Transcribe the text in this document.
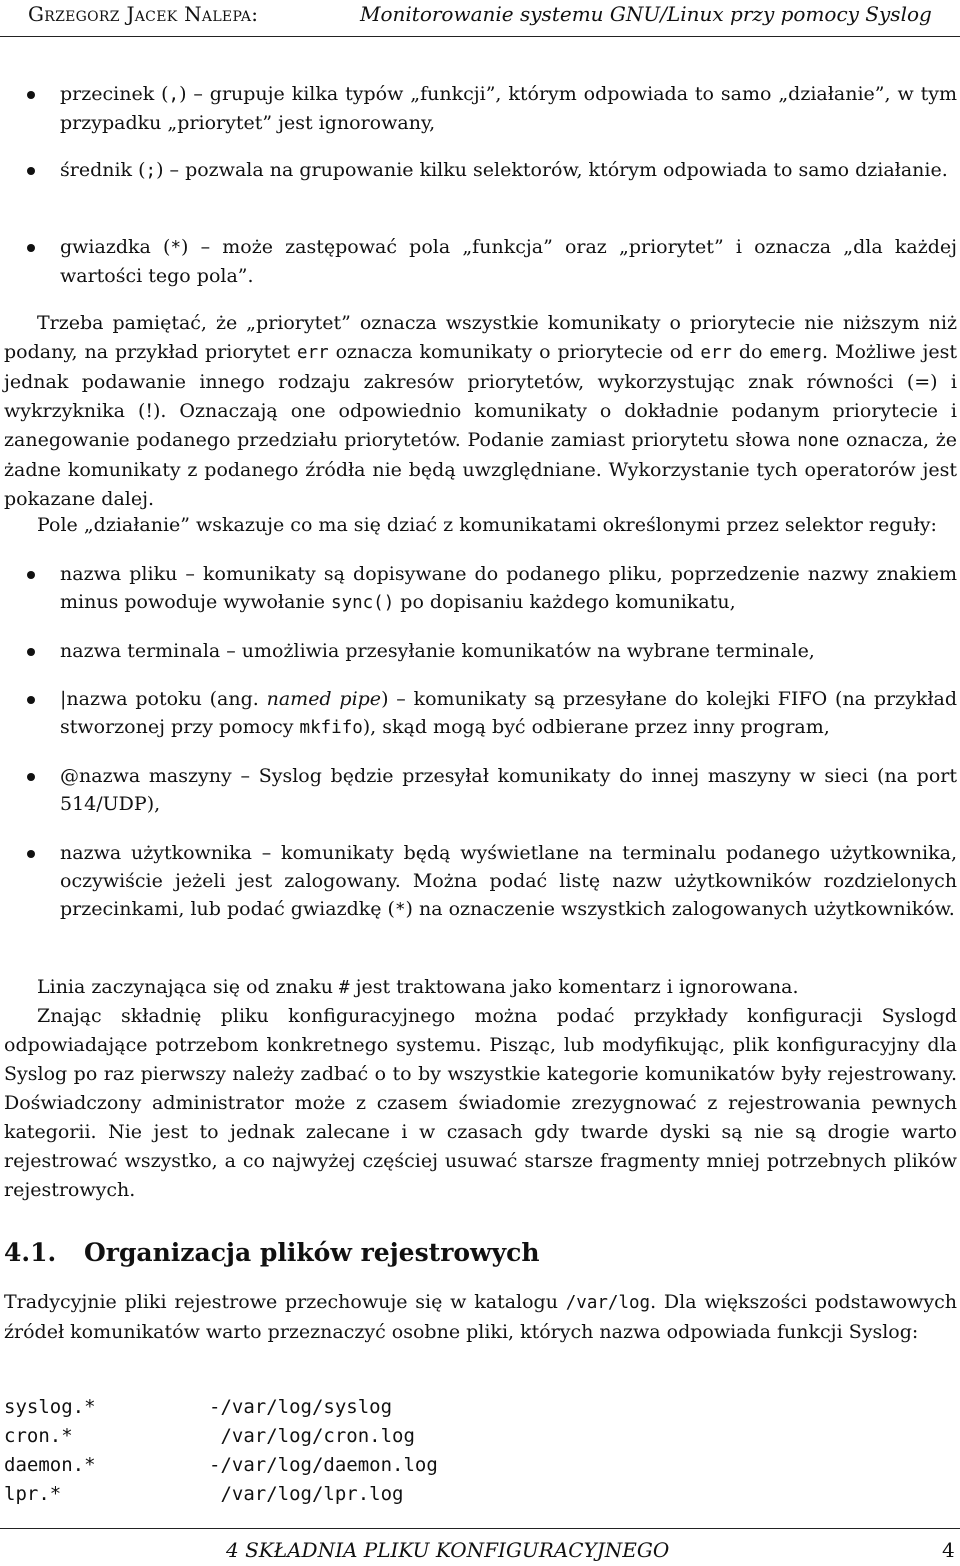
Grzegorz Jacek Nalepa:	Monitorowanie systemu GNU/Linux przy pomocy Syslog
przecinek (,) – grupuje kilka typów „funkcji”, którym odpowiada to samo „działanie”, w tym przypadku „priorytet” jest ignorowany,
średnik (;) – pozwala na grupowanie kilku selektorów, którym odpowiada to samo działanie.
gwiazdka (*) – może zastępować pola „funkcja” oraz „priorytet” i oznacza „dla każdej wartości tego pola”.

Trzeba pamiętać, że „priorytet” oznacza wszystkie komunikaty o priorytecie nie niższym niż podany, na przykład priorytet err oznacza komunikaty o priorytecie od err do emerg. Możliwe jest jednak podawanie innego rodzaju zakresów priorytetów, wykorzystując znak równości (=) i wykrzyknika (!). Oznaczają one odpowiednio komunikaty o dokładnie podanym priorytecie i zanegowanie podanego przedziału priorytetów. Podanie zamiast priorytetu słowa none oznacza, że żadne komunikaty z podanego źródła nie będą uwzględniane. Wykorzystanie tych operatorów jest pokazane dalej.

Pole „działanie” wskazuje co ma się dziać z komunikatami określonymi przez selektor reguły:

nazwa pliku – komunikaty są dopisywane do podanego pliku, poprzedzenie nazwy znakiem minus powoduje wywołanie sync() po dopisaniu każdego komunikatu,
nazwa terminala – umożliwia przesyłanie komunikatów na wybrane terminale,
|nazwa potoku (ang. named pipe) – komunikaty są przesyłane do kolejki FIFO (na przykład stworzonej przy pomocy mkfifo), skąd mogą być odbierane przez inny program,
@nazwa maszyny – Syslog będzie przesyłał komunikaty do innej maszyny w sieci (na port 514/UDP),
nazwa użytkownika – komunikaty będą wyświetlane na terminalu podanego użytkownika, oczywiście jeżeli jest zalogowany. Można podać listę nazw użytkowników rozdzielonych przecinkami, lub podać gwiazdkę (*) na oznaczenie wszystkich zalogowanych użytkowników.

Linia zaczynająca się od znaku # jest traktowana jako komentarz i ignorowana.

Znając składnię pliku konfiguracyjnego można podać przykłady konfiguracji Syslogd odpowiadające potrzebom konkretnego systemu. Pisząc, lub modyfikując, plik konfiguracyjny dla Syslog po raz pierwszy należy zadbać o to by wszystkie kategorie komunikatów były rejestrowany. Doświadczony administrator może z czasem świadomie zrezygnować z rejestrowania pewnych kategorii. Nie jest to jednak zalecane i w czasach gdy twarde dyski są nie są drogie warto rejestrować wszystko, a co najwyżej częściej usuwać starsze fragmenty mniej potrzebnych plików rejestrowych.

4.1. Organizacja plików rejestrowych

Tradycyjnie pliki rejestrowe przechowuje się w katalogu /var/log. Dla większości podstawowych źródeł komunikatów warto przeznaczyć osobne pliki, których nazwa odpowiada funkcji Syslog:

syslog.*	-/var/log/syslog
cron.*	/var/log/cron.log
daemon.*	-/var/log/daemon.log
lpr.*	/var/log/lpr.log
4 SKŁADNIA PLIKU KONFIGURACYJNEGO	4
